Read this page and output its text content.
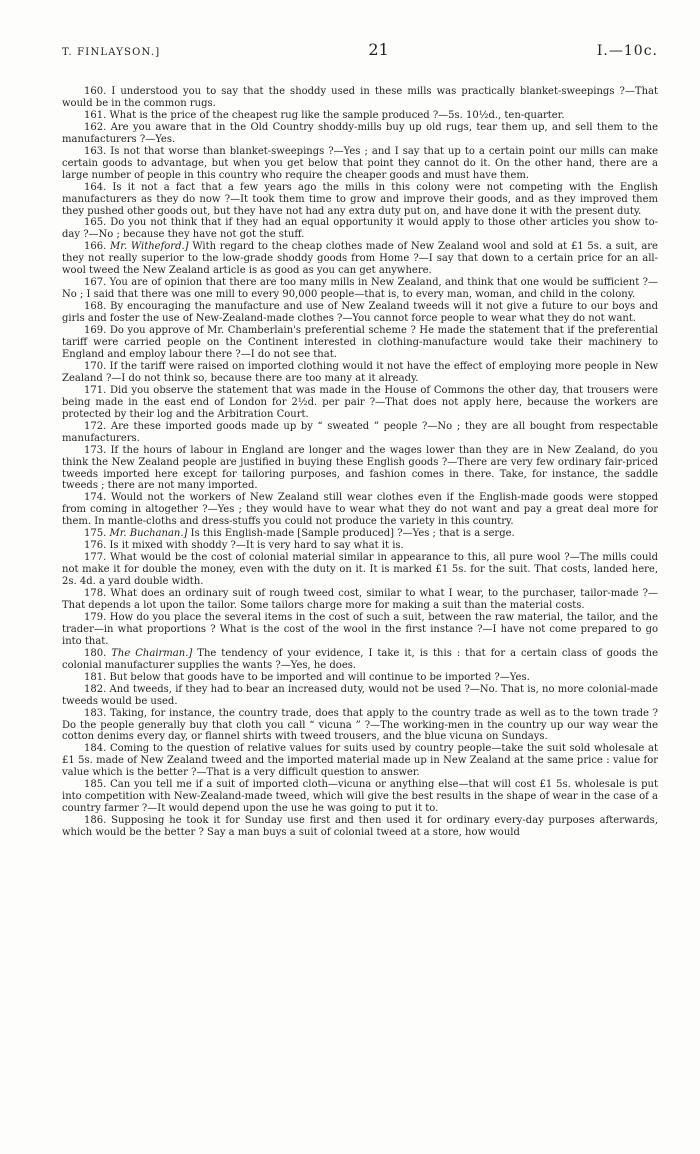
T. FINLAYSON.]	21	I.—10c.

160. I understood you to say that the shoddy used in these mills was practically blanket-sweepings ?—That would be in the common rugs.

161. What is the price of the cheapest rug like the sample produced ?—5s. 10½d., ten-quarter.

162. Are you aware that in the Old Country shoddy-mills buy up old rugs, tear them up, and sell them to the manufacturers ?—Yes.

163. Is not that worse than blanket-sweepings ?—Yes ; and I say that up to a certain point our mills can make certain goods to advantage, but when you get below that point they cannot do it. On the other hand, there are a large number of people in this country who require the cheaper goods and must have them.

164. Is it not a fact that a few years ago the mills in this colony were not competing with the English manufacturers as they do now ?—It took them time to grow and improve their goods, and as they improved them they pushed other goods out, but they have not had any extra duty put on, and have done it with the present duty.

165. Do you not think that if they had an equal opportunity it would apply to those other articles you show to-day ?—No ; because they have not got the stuff.

166. Mr. Witheford.] With regard to the cheap clothes made of New Zealand wool and sold at £1 5s. a suit, are they not really superior to the low-grade shoddy goods from Home ?—I say that down to a certain price for an all-wool tweed the New Zealand article is as good as you can get anywhere.

167. You are of opinion that there are too many mills in New Zealand, and think that one would be sufficient ?—No ; I said that there was one mill to every 90,000 people—that is, to every man, woman, and child in the colony.

168. By encouraging the manufacture and use of New Zealand tweeds will it not give a future to our boys and girls and foster the use of New-Zealand-made clothes ?—You cannot force people to wear what they do not want.

169. Do you approve of Mr. Chamberlain's preferential scheme ? He made the statement that if the preferential tariff were carried people on the Continent interested in clothing-manufacture would take their machinery to England and employ labour there ?—I do not see that.

170. If the tariff were raised on imported clothing would it not have the effect of employing more people in New Zealand ?—I do not think so, because there are too many at it already.

171. Did you observe the statement that was made in the House of Commons the other day, that trousers were being made in the east end of London for 2½d. per pair ?—That does not apply here, because the workers are protected by their log and the Arbitration Court.

172. Are these imported goods made up by “ sweated ” people ?—No ; they are all bought from respectable manufacturers.

173. If the hours of labour in England are longer and the wages lower than they are in New Zealand, do you think the New Zealand people are justified in buying these English goods ?—There are very few ordinary fair-priced tweeds imported here except for tailoring purposes, and fashion comes in there. Take, for instance, the saddle tweeds ; there are not many imported.

174. Would not the workers of New Zealand still wear clothes even if the English-made goods were stopped from coming in altogether ?—Yes ; they would have to wear what they do not want and pay a great deal more for them. In mantle-cloths and dress-stuffs you could not produce the variety in this country.

175. Mr. Buchanan.] Is this English-made [Sample produced] ?—Yes ; that is a serge.

176. Is it mixed with shoddy ?—It is very hard to say what it is.

177. What would be the cost of colonial material similar in appearance to this, all pure wool ?—The mills could not make it for double the money, even with the duty on it. It is marked £1 5s. for the suit. That costs, landed here, 2s. 4d. a yard double width.

178. What does an ordinary suit of rough tweed cost, similar to what I wear, to the purchaser, tailor-made ?—That depends a lot upon the tailor. Some tailors charge more for making a suit than the material costs.

179. How do you place the several items in the cost of such a suit, between the raw material, the tailor, and the trader—in what proportions ? What is the cost of the wool in the first instance ?—I have not come prepared to go into that.

180. The Chairman.] The tendency of your evidence, I take it, is this : that for a certain class of goods the colonial manufacturer supplies the wants ?—Yes, he does.

181. But below that goods have to be imported and will continue to be imported ?—Yes.

182. And tweeds, if they had to bear an increased duty, would not be used ?—No. That is, no more colonial-made tweeds would be used.

183. Taking, for instance, the country trade, does that apply to the country trade as well as to the town trade ? Do the people generally buy that cloth you call “ vicuna ” ?—The working-men in the country up our way wear the cotton denims every day, or flannel shirts with tweed trousers, and the blue vicuna on Sundays.

184. Coming to the question of relative values for suits used by country people—take the suit sold wholesale at £1 5s. made of New Zealand tweed and the imported material made up in New Zealand at the same price : value for value which is the better ?—That is a very difficult question to answer.

185. Can you tell me if a suit of imported cloth—vicuna or anything else—that will cost £1 5s. wholesale is put into competition with New-Zealand-made tweed, which will give the best results in the shape of wear in the case of a country farmer ?—It would depend upon the use he was going to put it to.

186. Supposing he took it for Sunday use first and then used it for ordinary every-day purposes afterwards, which would be the better ? Say a man buys a suit of colonial tweed at a store, how would
